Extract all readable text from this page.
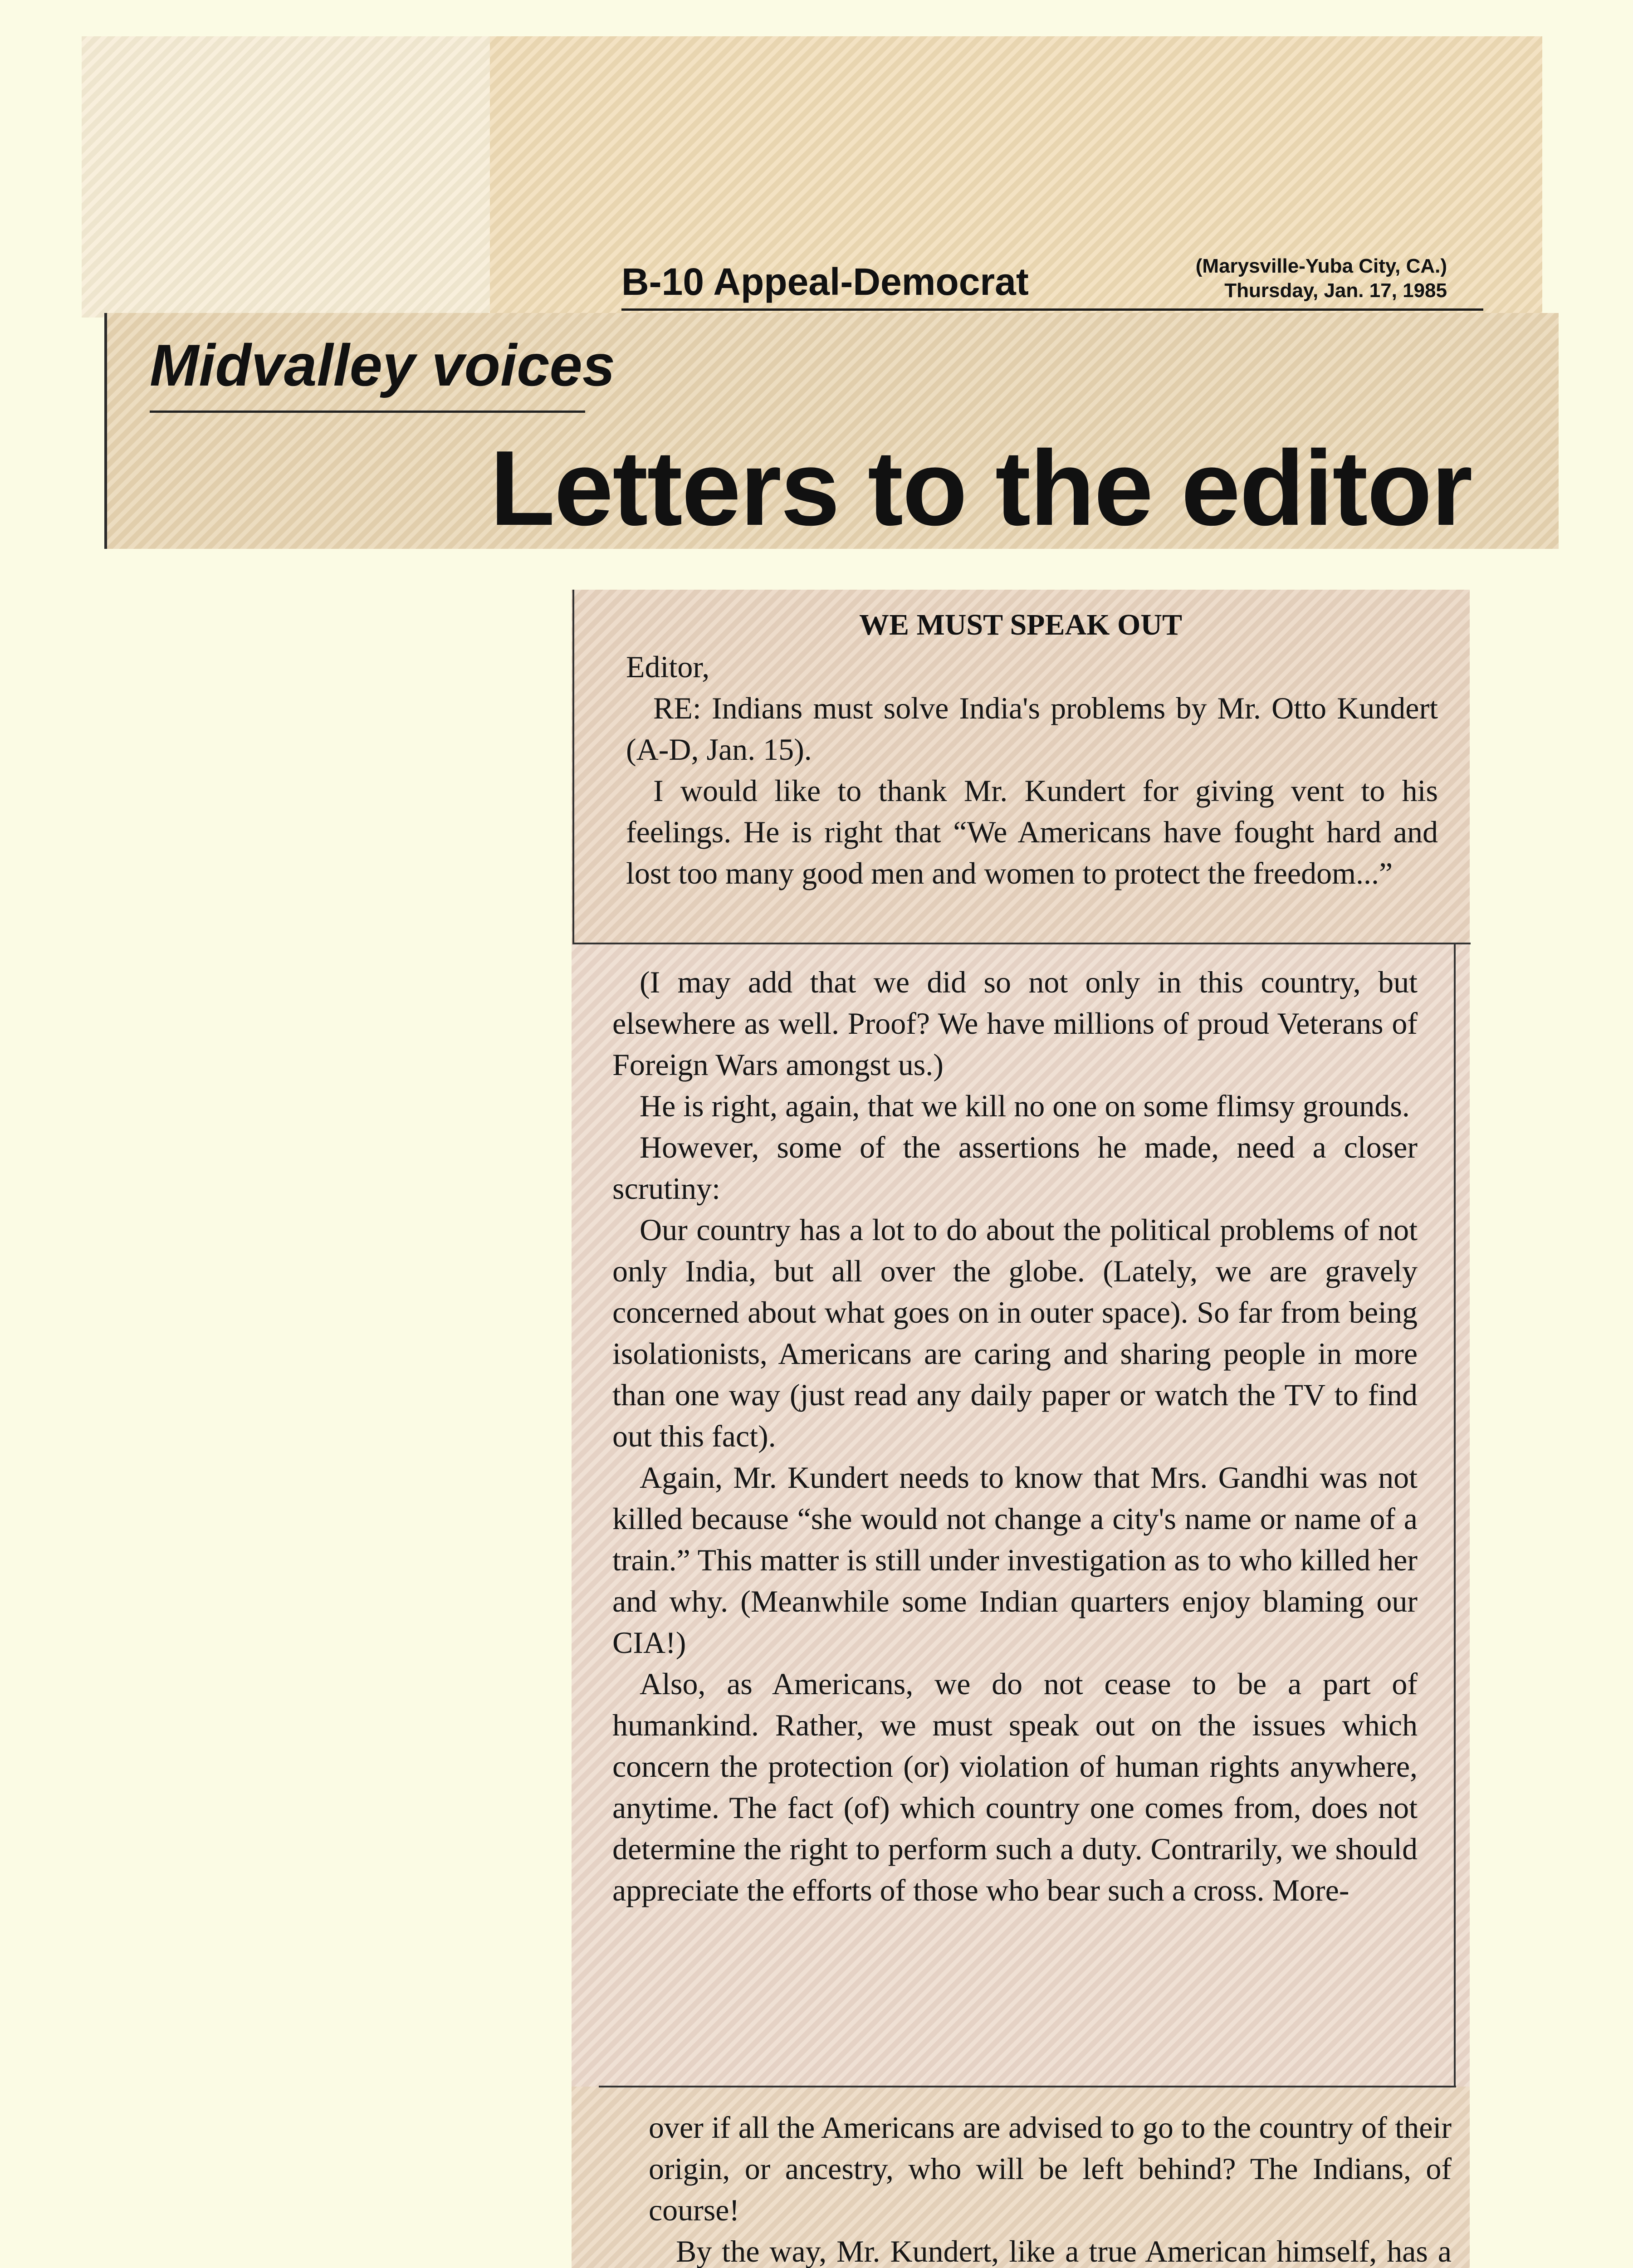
B-10 Appeal-Democrat	(Marysville-Yuba City, CA.)
Thursday, Jan. 17, 1985
Midvalley voices
Letters to the editor
WE MUST SPEAK OUT

Editor,

RE: Indians must solve India's problems by Mr. Otto Kundert (A-D, Jan. 15).

I would like to thank Mr. Kundert for giving vent to his feelings. He is right that “We Americans have fought hard and lost too many good men and women to protect the freedom...”

(I may add that we did so not only in this country, but elsewhere as well. Proof? We have millions of proud Veterans of Foreign Wars amongst us.)

He is right, again, that we kill no one on some flimsy grounds.

However, some of the assertions he made, need a closer scrutiny:

Our country has a lot to do about the political problems of not only India, but all over the globe. (Lately, we are gravely concerned about what goes on in outer space). So far from being isolationists, Americans are caring and sharing people in more than one way (just read any daily paper or watch the TV to find out this fact).

Again, Mr. Kundert needs to know that Mrs. Gandhi was not killed because “she would not change a city's name or name of a train.” This matter is still under investigation as to who killed her and why. (Meanwhile some Indian quarters enjoy blaming our CIA!)

Also, as Americans, we do not cease to be a part of humankind. Rather, we must speak out on the issues which concern the protection (or) violation of human rights anywhere, anytime. The fact (of) which country one comes from, does not determine the right to perform such a duty. Contrarily, we should appreciate the efforts of those who bear such a cross. More-

over if all the Americans are advised to go to the country of their origin, or ancestry, who will be left behind? The Indians, of course!

By the way, Mr. Kundert, like a true American himself, has a
